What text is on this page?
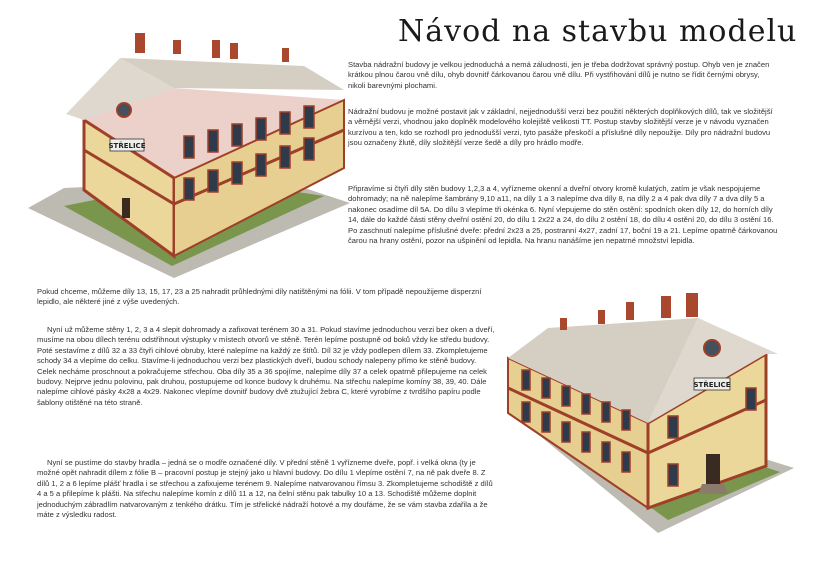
Návod na stavbu modelu

Stavba nádražní budovy je velkou jednoduchá a nemá záludnosti, jen je třeba dodržovat správný postup. Ohyb ven je značen krátkou plnou čarou vně dílu, ohyb dovnitř čárkovanou čarou vně dílu. Při vystřihování dílů je nutno se řídit černými obrysy, nikoli barevnými plochami.

Nádražní budovu je možné postavit jak v základní, nejjednodušší verzi bez použití některých doplňkových dílů, tak ve složitější a věrnější verzi, vhodnou jako doplněk modelového kolejiště velikosti TT. Postup stavby složitější verze je v návodu vyznačen kurzívou a ten, kdo se rozhodl pro jednodušší verzi, tyto pasáže přeskočí a příslušné díly nepoužije. Díly pro nádražní budovu jsou označeny žlutě, díly složitější verze šedě a díly pro hrádlo modře.

Připravíme si čtyři díly stěn budovy 1,2,3 a 4, vyřízneme okenní a dveřní otvory kromě kulatých, zatím je však nespojujeme dohromady; na ně nalepíme šambrány 9,10 a11, na díly 1 a 3 nalepíme dva díly 8, na díly 2 a 4 pak dva díly 7 a dva díly 5 a nakonec osadíme díl 5A. Do dílu 3 vlepíme tři okénka 6. Nyní vlepujeme do stěn ostění: spodních oken díly 12, do horních díly 14, dále do každé části stěny dveřní ostění 20, do dílu 1 2x22 a 24, do dílu 2 ostění 18, do dílu 4 ostění 20, do dílu 3 ostění 16. Po zaschnutí nalepíme příslušné dveře: přední 2x23 a 25, postranní 4x27, zadní 17, boční 19 a 21. Lepíme opatrně čárkovanou čarou na hrany ostění, pozor na ušpinění od lepidla. Na hranu nanášíme jen nepatrné množství lepidla.

Pokud chceme, můžeme díly 13, 15, 17, 23 a 25 nahradit průhlednými díly natištěnými na fólii. V tom případě nepoužijeme disperzní lepidlo, ale některé jiné z výše uvedených.

Nyní už můžeme stěny 1, 2, 3 a 4 slepit dohromady a zafixovat terénem 30 a 31. Pokud stavíme jednoduchou verzi bez oken a dveří, musíme na obou dílech terénu odstřihnout výstupky v místech otvorů ve stěně. Terén lepíme postupně od boků vždy ke středu budovy. Poté sestavíme z dílů 32 a 33 čtyři cihlové obruby, které nalepíme na každý ze štítů. Díl 32 je vždy podlepen dílem 33. Zkompletujeme schody 34 a vlepíme do celku. Stavíme-li jednoduchou verzi bez plastických dveří, budou schody nalepeny přímo ke stěně budovy. Celek necháme proschnout a pokračujeme střechou. Oba díly 35 a 36 spojíme, nalepíme díly 37 a celek opatrně přilepujeme na celek budovy. Nejprve jednu polovinu, pak druhou, postupujeme od konce budovy k druhému. Na střechu nalepíme komíny 38, 39, 40. Dále nalepíme cihlové pásky 4x28 a 4x29. Nakonec vlepíme dovnitř budovy dvě ztužující žebra C, které vyrobíme z tvrdšího papíru podle šablony otištěné na této straně.

Nyní se pustíme do stavby hradla – jedná se o modře označené díly. V přední stěně 1 vyřízneme dveře, popř. i velká okna (ty je možné opět nahradit dílem z fólie B – pracovní postup je stejný jako u hlavní budovy. Do dílu 1 vlepíme ostění 7, na ně pak dveře 8. Z dílů 1, 2 a 6 lepíme plášť hradla i se střechou a zafixujeme terénem 9. Nalepíme natvarovanou římsu 3. Zkompletujeme schodiště z dílů 4 a 5 a přilepíme k plášti. Na střechu nalepíme komín z dílů 11 a 12, na čelní stěnu pak tabulky 10 a 13. Schodiště můžeme doplnit jednoduchým zábradlím natvarovaným z tenkého drátku. Tím je střelické nádraží hotové a my doufáme, že se vám stavba zdařila a že máte z výsledku radost.

STŘELICE
STŘELICE
